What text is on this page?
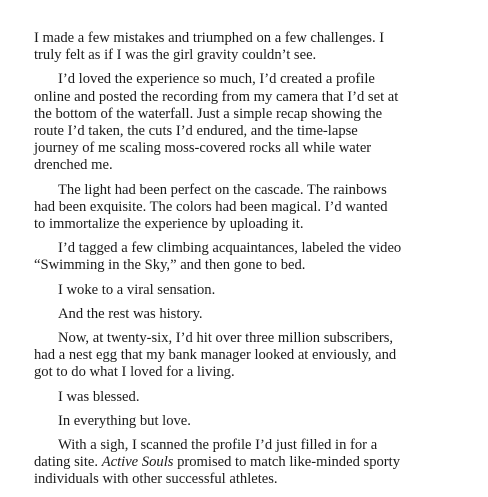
I made a few mistakes and triumphed on a few challenges. I
truly felt as if I was the girl gravity couldn’t see.

I’d loved the experience so much, I’d created a profile
online and posted the recording from my camera that I’d set at
the bottom of the waterfall. Just a simple recap showing the
route I’d taken, the cuts I’d endured, and the time-lapse
journey of me scaling moss-covered rocks all while water
drenched me.

The light had been perfect on the cascade. The rainbows
had been exquisite. The colors had been magical. I’d wanted
to immortalize the experience by uploading it.

I’d tagged a few climbing acquaintances, labeled the video
“Swimming in the Sky,” and then gone to bed.

I woke to a viral sensation.

And the rest was history.

Now, at twenty-six, I’d hit over three million subscribers,
had a nest egg that my bank manager looked at enviously, and
got to do what I loved for a living.

I was blessed.

In everything but love.

With a sigh, I scanned the profile I’d just filled in for a
dating site. Active Souls promised to match like-minded sporty
individuals with other successful athletes.
